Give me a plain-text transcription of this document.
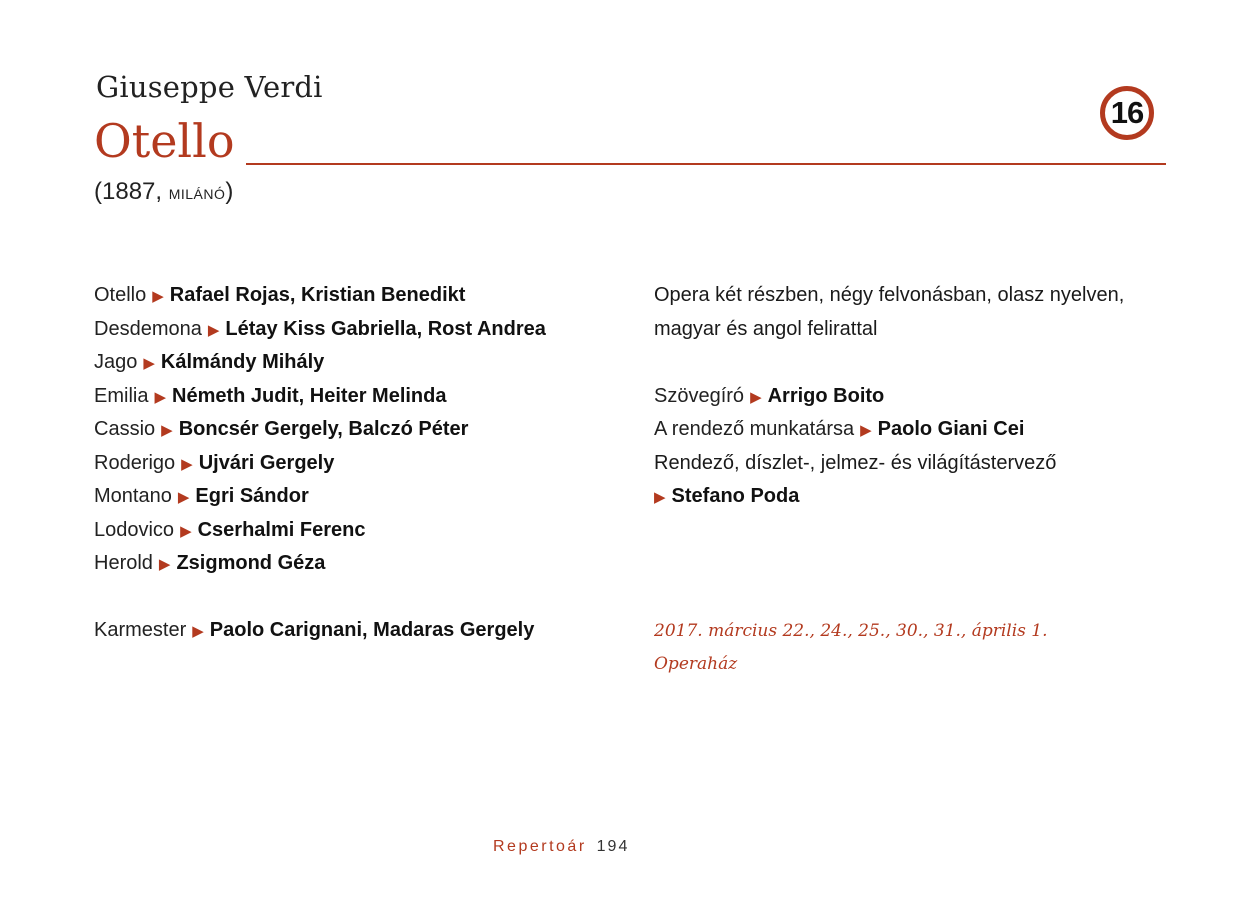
Giuseppe Verdi
Otello
(1887, MILÁNÓ)
16
Otello ▶ Rafael Rojas, Kristian Benedikt
Desdemona ▶ Létay Kiss Gabriella, Rost Andrea
Jago ▶ Kálmándy Mihály
Emilia ▶ Németh Judit, Heiter Melinda
Cassio ▶ Boncsér Gergely, Balczó Péter
Roderigo ▶ Ujvári Gergely
Montano ▶ Egri Sándor
Lodovico ▶ Cserhalmi Ferenc
Herold ▶ Zsigmond Géza
Karmester ▶ Paolo Carignani, Madaras Gergely
Opera két részben, négy felvonásban, olasz nyelven,
magyar és angol felirattal
Szövegíró ▶ Arrigo Boito
A rendező munkatársa ▶ Paolo Giani Cei
Rendező, díszlet-, jelmez- és világítástervező
▶ Stefano Poda
2017. március 22., 24., 25., 30., 31., április 1.
Operaház
Repertoár 194
